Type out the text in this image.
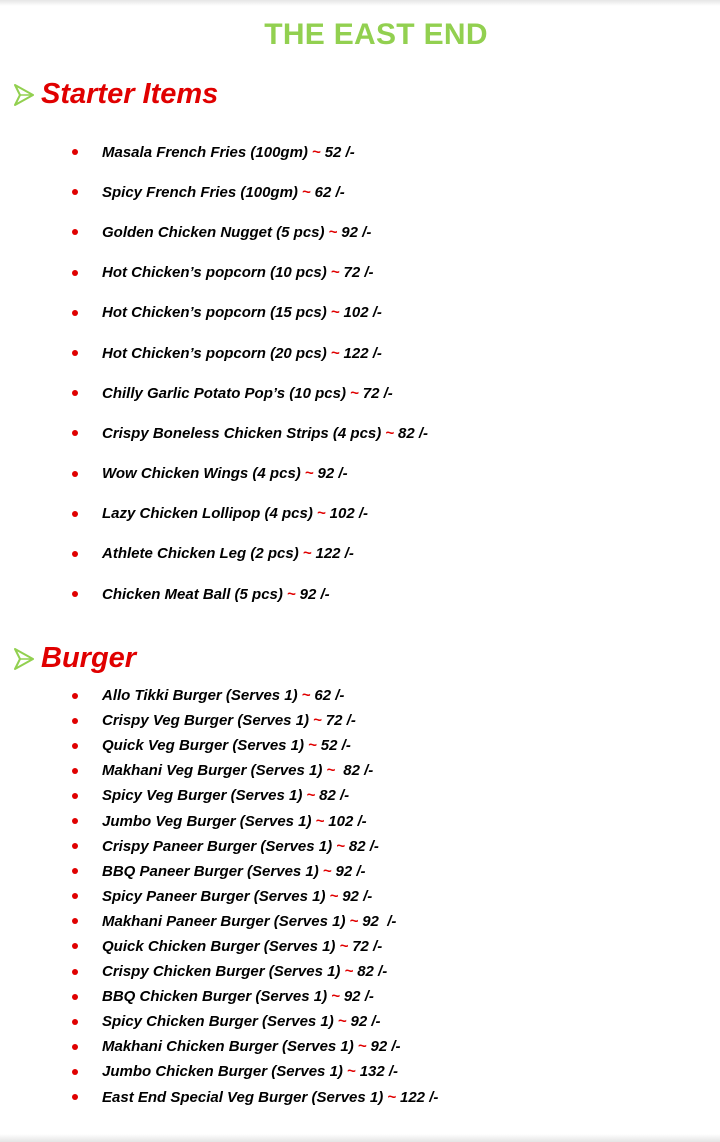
THE EAST END
Starter Items
Masala French Fries (100gm) ~ 52 /-
Spicy French Fries (100gm) ~ 62 /-
Golden Chicken Nugget (5 pcs) ~ 92 /-
Hot Chicken’s popcorn (10 pcs) ~ 72 /-
Hot Chicken’s popcorn (15 pcs) ~ 102 /-
Hot Chicken’s popcorn (20 pcs) ~ 122 /-
Chilly Garlic Potato Pop’s (10 pcs) ~ 72 /-
Crispy Boneless Chicken Strips (4 pcs) ~ 82 /-
Wow Chicken Wings (4 pcs) ~ 92 /-
Lazy Chicken Lollipop (4 pcs) ~ 102 /-
Athlete Chicken Leg (2 pcs) ~ 122 /-
Chicken Meat Ball (5 pcs) ~ 92 /-
Burger
Allo Tikki Burger (Serves 1) ~ 62 /-
Crispy Veg Burger (Serves 1) ~ 72 /-
Quick Veg Burger (Serves 1) ~ 52 /-
Makhani Veg Burger (Serves 1) ~ 82 /-
Spicy Veg Burger (Serves 1) ~ 82 /-
Jumbo Veg Burger (Serves 1) ~ 102 /-
Crispy Paneer Burger (Serves 1) ~ 82 /-
BBQ Paneer Burger (Serves 1) ~ 92 /-
Spicy Paneer Burger (Serves 1) ~ 92 /-
Makhani Paneer Burger (Serves 1) ~ 92  /-
Quick Chicken Burger (Serves 1) ~ 72 /-
Crispy Chicken Burger (Serves 1) ~ 82 /-
BBQ Chicken Burger (Serves 1) ~ 92 /-
Spicy Chicken Burger (Serves 1) ~ 92 /-
Makhani Chicken Burger (Serves 1) ~ 92 /-
Jumbo Chicken Burger (Serves 1) ~ 132 /-
East End Special Veg Burger (Serves 1) ~ 122 /-
